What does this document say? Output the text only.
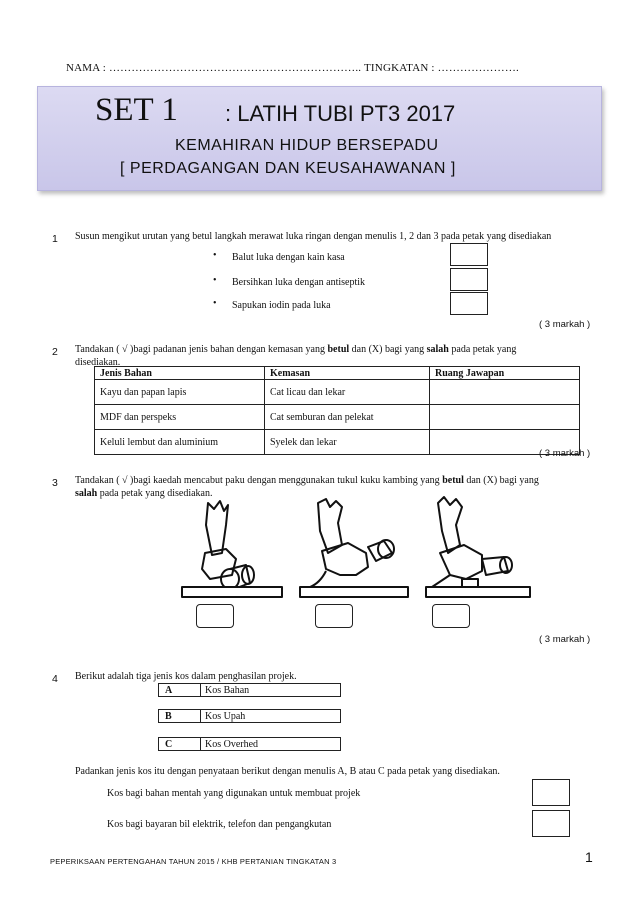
NAMA : ………………………………………………………….. TINGKATAN : ………………….
SET 1 : LATIH TUBI PT3 2017
KEMAHIRAN HIDUP BERSEPADU
[ PERDAGANGAN DAN KEUSAHAWANAN ]
1 Susun mengikut urutan yang betul langkah merawat luka ringan dengan menulis 1, 2 dan 3 pada petak yang disediakan
• Balut luka dengan kain kasa
• Bersihkan luka dengan antiseptik
• Sapukan iodin pada luka
( 3 markah )
2 Tandakan ( √ )bagi padanan jenis bahan dengan kemasan yang betul dan (X) bagi yang salah pada petak yang
disediakan.
Jenis Bahan	Kemasan	Ruang Jawapan
Kayu dan papan lapis	Cat licau dan lekar	
MDF dan perspeks	Cat semburan dan pelekat	
Keluli lembut dan aluminium	Syelek dan lekar	
( 3 markah )
3 Tandakan ( √ )bagi kaedah mencabut paku dengan menggunakan tukul kuku kambing yang betul dan (X) bagi yang
salah pada petak yang disediakan.
( 3 markah )
4 Berikut adalah tiga jenis kos dalam penghasilan projek.
A	Kos Bahan
B	Kos Upah
C	Kos Overhed
Padankan jenis kos itu dengan penyataan berikut dengan menulis A, B atau C pada petak yang disediakan.
Kos bagi bahan mentah yang digunakan untuk membuat projek
Kos bagi bayaran bil elektrik, telefon dan pengangkutan
PEPERIKSAAN PERTENGAHAN TAHUN 2015 / KHB PERTANIAN TINGKATAN 3	1
